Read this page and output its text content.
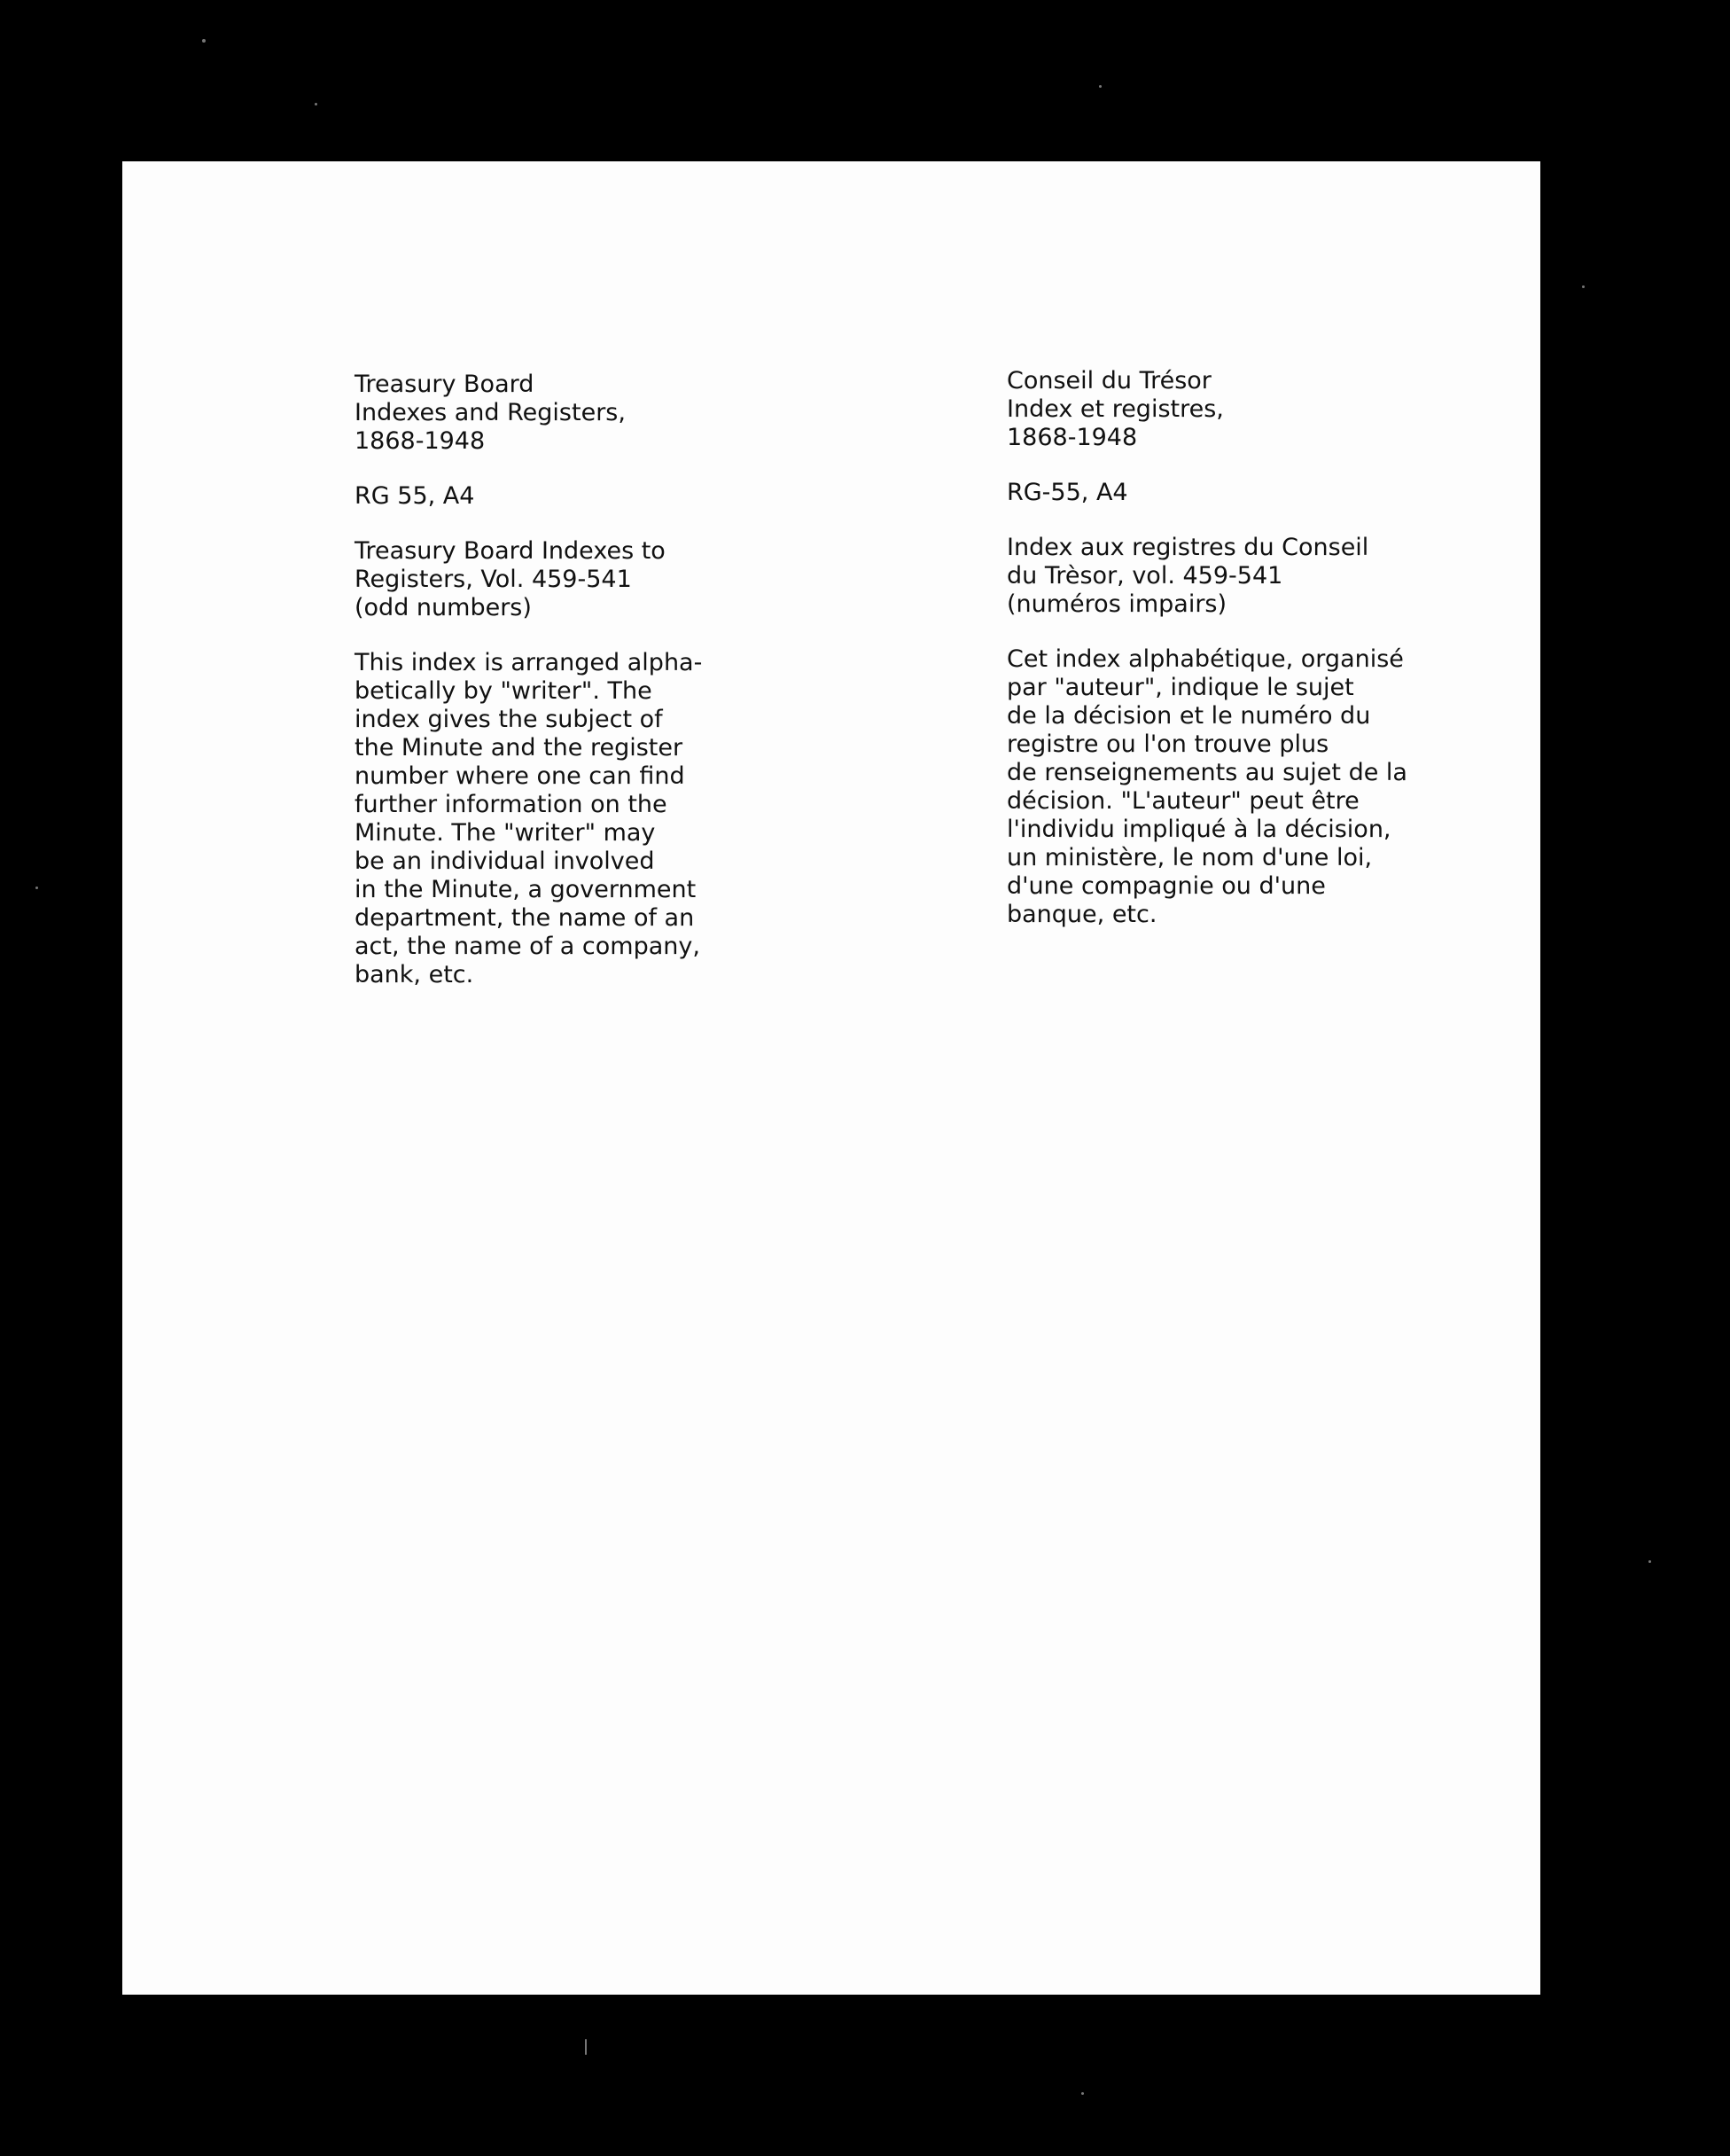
Treasury Board
Indexes and Registers,
1868-1948
RG 55, A4
Treasury Board Indexes to
Registers, Vol. 459-541
(odd numbers)
This index is arranged alpha-
betically by "writer". The
index gives the subject of
the Minute and the register
number where one can find
further information on the
Minute. The "writer" may
be an individual involved
in the Minute, a government
department, the name of an
act, the name of a company,
bank, etc.
Conseil du Trésor
Index et registres,
1868-1948
RG-55, A4
Index aux registres du Conseil
du Trèsor, vol. 459-541
(numéros impairs)
Cet index alphabétique, organisé
par "auteur", indique le sujet
de la décision et le numéro du
registre ou l'on trouve plus
de renseignements au sujet de la
décision. "L'auteur" peut être
l'individu impliqué à la décision,
un ministère, le nom d'une loi,
d'une compagnie ou d'une
banque, etc.
